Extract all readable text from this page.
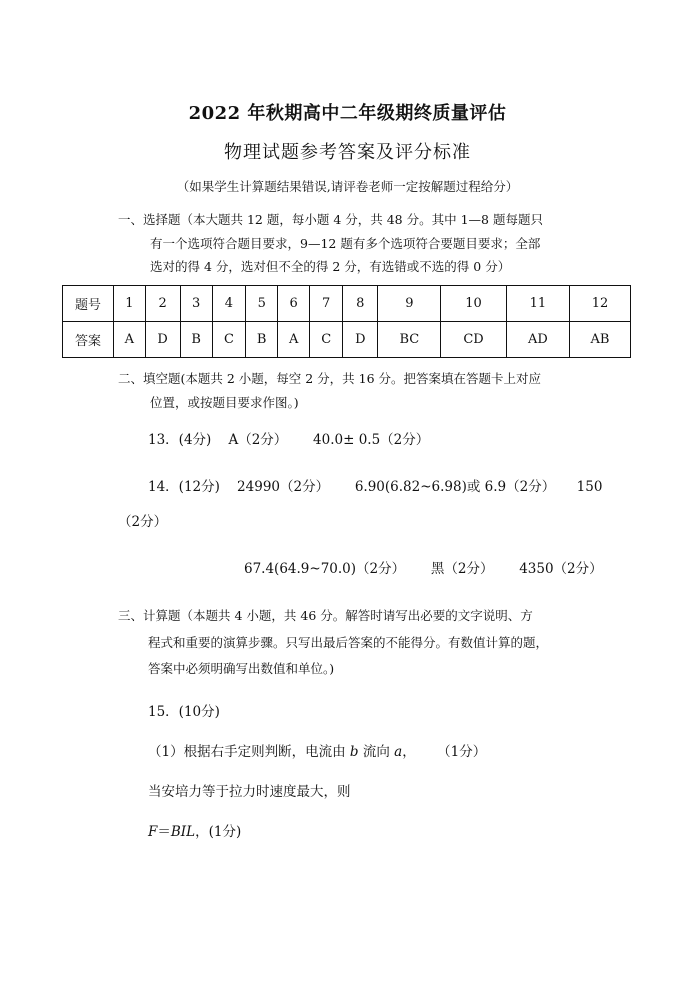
2022 年秋期高中二年级期终质量评估
物理试题参考答案及评分标准
（如果学生计算题结果错误,请评卷老师一定按解题过程给分）
一、选择题（本大题共 12 题，每小题 4 分，共 48 分。其中 1—8 题每题只
有一个选项符合题目要求，9—12 题有多个选项符合要题目要求；全部
选对的得 4 分，选对但不全的得 2 分，有选错或不选的得 0 分）
题号	1	2	3	4	5	6	7	8	9	10	11	12
答案	A	D	B	C	B	A	C	D	BC	CD	AD	AB
二、填空题(本题共 2 小题，每空 2 分，共 16 分。把答案填在答题卡上对应
位置，或按题目要求作图。)
13．(4分)    A（2分）      40.0± 0.5（2分）
14．(12分)    24990（2分）      6.90(6.82~6.98)或 6.9（2分）     150
（2分）
67.4(64.9~70.0)（2分）      黑（2分）      4350（2分）
三、计算题（本题共 4 小题，共 46 分。解答时请写出必要的文字说明、方
程式和重要的演算步骤。只写出最后答案的不能得分。有数值计算的题，
答案中必须明确写出数值和单位。)
15．(10分)
（1）根据右手定则判断，电流由 b 流向 a，     （1分）
当安培力等于拉力时速度最大，则
F＝BIL，(1分)
